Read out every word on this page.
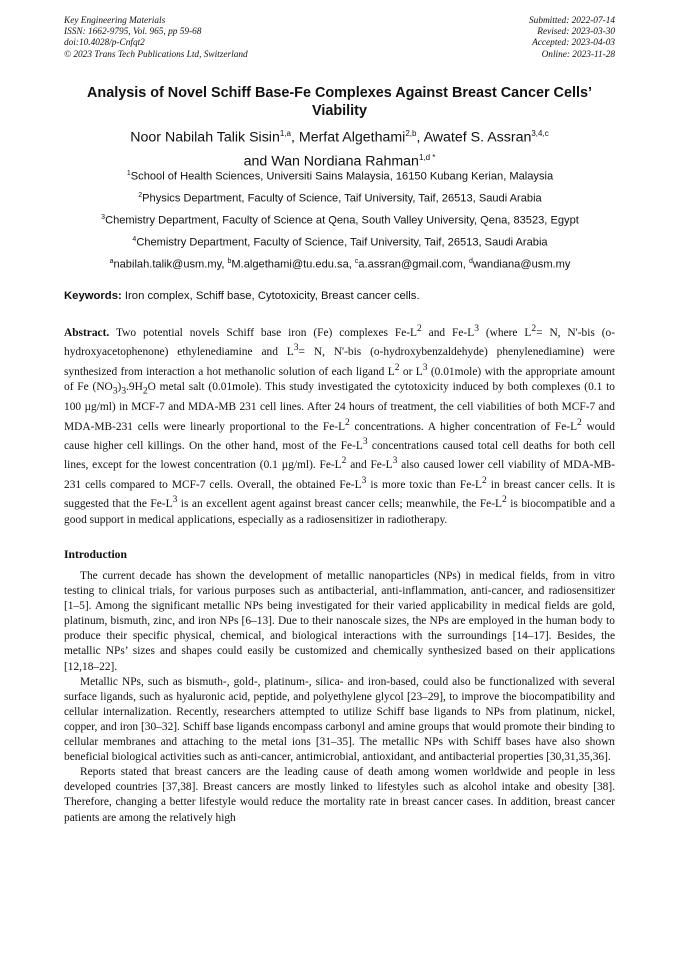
Key Engineering Materials
ISSN: 1662-9795, Vol. 965, pp 59-68
doi:10.4028/p-Cnfqt2
© 2023 Trans Tech Publications Ltd, Switzerland
Submitted: 2022-07-14
Revised: 2023-03-30
Accepted: 2023-04-03
Online: 2023-11-28
Analysis of Novel Schiff Base-Fe Complexes Against Breast Cancer Cells’ Viability
Noor Nabilah Talik Sisin$^{1,a}$, Merfat Algethami$^{2,b}$, Awatef S. Assran$^{3,4,c}$
and Wan Nordiana Rahman$^{1,d *}$
$^1$School of Health Sciences, Universiti Sains Malaysia, 16150 Kubang Kerian, Malaysia
$^2$Physics Department, Faculty of Science, Taif University, Taif, 26513, Saudi Arabia
$^3$Chemistry Department, Faculty of Science at Qena, South Valley University, Qena, 83523, Egypt
$^4$Chemistry Department, Faculty of Science, Taif University, Taif, 26513, Saudi Arabia
$^a$nabilah.talik@usm.my, $^b$M.algethami@tu.edu.sa, $^c$a.assran@gmail.com, $^d$wandiana@usm.my
Keywords: Iron complex, Schiff base, Cytotoxicity, Breast cancer cells.

Abstract. Two potential novels Schiff base iron (Fe) complexes $Fe-L^2$ and $Fe-L^3$ (where $L^2= N$, N'-bis (o-hydroxyacetophenone) ethylenediamine and $L^3= N$, N'-bis (o-hydroxybenzaldehyde) phenylenediamine) were synthesized from interaction a hot methanolic solution of each ligand $L^2$ or $L^3$ (0.01mole) with the appropriate amount of Fe $(NO_3)_3.9H_2O$ metal salt (0.01mole). This study investigated the cytotoxicity induced by both complexes (0.1 to 100 µg/ml) in MCF-7 and MDA-MB 231 cell lines. After 24 hours of treatment, the cell viabilities of both MCF-7 and MDA-MB-231 cells were linearly proportional to the $Fe-L^2$ concentrations. A higher concentration of $Fe-L^2$ would cause higher cell killings. On the other hand, most of the $Fe-L^3$ concentrations caused total cell deaths for both cell lines, except for the lowest concentration (0.1 µg/ml). $Fe-L^2$ and $Fe-L^3$ also caused lower cell viability of MDA-MB-231 cells compared to MCF-7 cells. Overall, the obtained $Fe-L^3$ is more toxic than $Fe-L^2$ in breast cancer cells. It is suggested that the $Fe-L^3$ is an excellent agent against breast cancer cells; meanwhile, the $Fe-L^2$ is biocompatible and a good support in medical applications, especially as a radiosensitizer in radiotherapy.

Introduction

The current decade has shown the development of metallic nanoparticles (NPs) in medical fields, from in vitro testing to clinical trials, for various purposes such as antibacterial, anti-inflammation, anti-cancer, and radiosensitizer [1–5]. Among the significant metallic NPs being investigated for their varied applicability in medical fields are gold, platinum, bismuth, zinc, and iron NPs [6–13]. Due to their nanoscale sizes, the NPs are employed in the human body to produce their specific physical, chemical, and biological interactions with the surroundings [14–17]. Besides, the metallic NPs’ sizes and shapes could easily be customized and chemically synthesized based on their applications [12,18–22].

Metallic NPs, such as bismuth-, gold-, platinum-, silica- and iron-based, could also be functionalized with several surface ligands, such as hyaluronic acid, peptide, and polyethylene glycol [23–29], to improve the biocompatibility and cellular internalization. Recently, researchers attempted to utilize Schiff base ligands to NPs from platinum, nickel, copper, and iron [30–32]. Schiff base ligands encompass carbonyl and amine groups that would promote their binding to cellular membranes and attaching to the metal ions [31–35]. The metallic NPs with Schiff bases have also shown beneficial biological activities such as anti-cancer, antimicrobial, antioxidant, and antibacterial properties [30,31,35,36].

Reports stated that breast cancers are the leading cause of death among women worldwide and people in less developed countries [37,38]. Breast cancers are mostly linked to lifestyles such as alcohol intake and obesity [38]. Therefore, changing a better lifestyle would reduce the mortality rate in breast cancer cases. In addition, breast cancer patients are among the relatively high
